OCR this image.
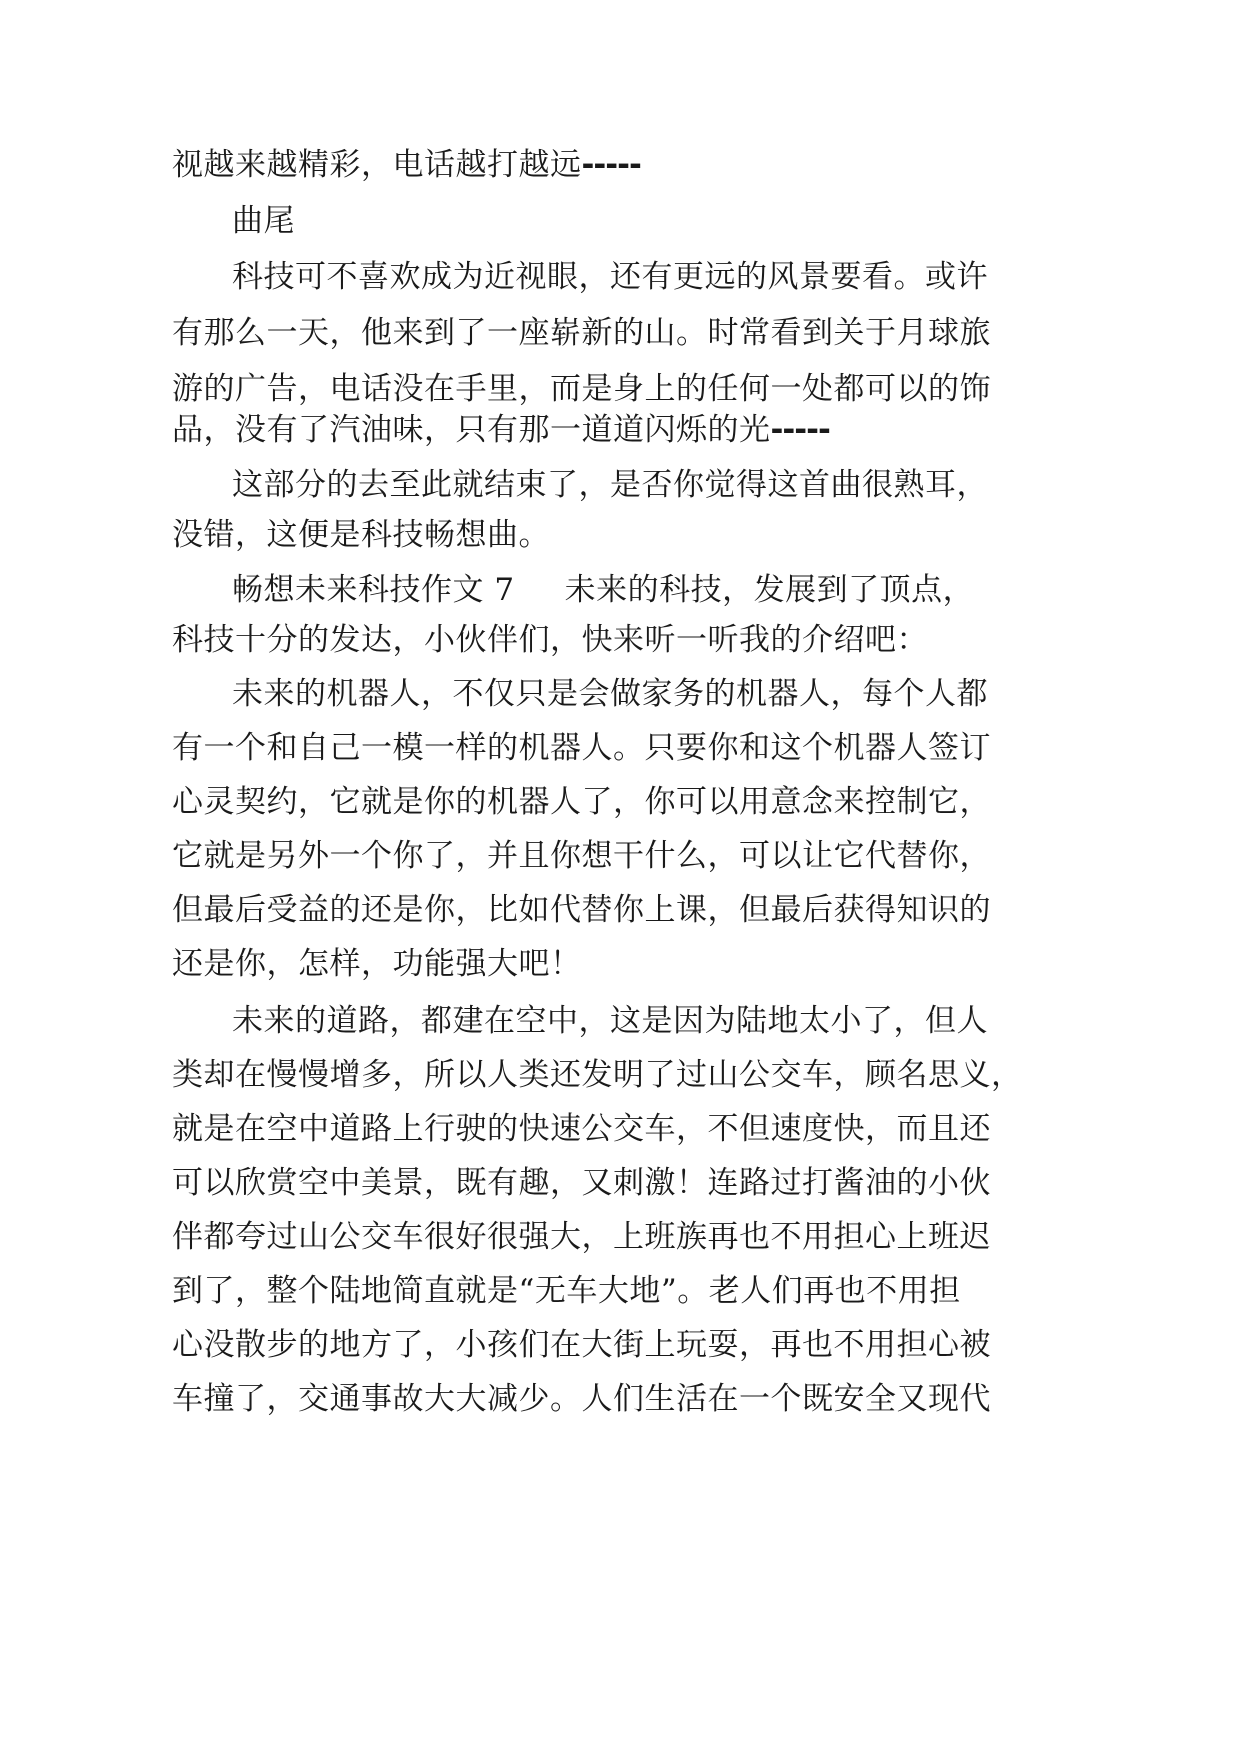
视越来越精彩，电话越打越远-----
曲尾
科技可不喜欢成为近视眼，还有更远的风景要看。或许
有那么一天，他来到了一座崭新的山。时常看到关于月球旅
游的广告，电话没在手里，而是身上的任何一处都可以的饰
品，没有了汽油味，只有那一道道闪烁的光-----
这部分的去至此就结束了，是否你觉得这首曲很熟耳，
没错，这便是科技畅想曲。
畅想未来科技作文 7 未来的科技，发展到了顶点，
科技十分的发达，小伙伴们，快来听一听我的介绍吧：
未来的机器人，不仅只是会做家务的机器人，每个人都
有一个和自己一模一样的机器人。只要你和这个机器人签订
心灵契约，它就是你的机器人了，你可以用意念来控制它，
它就是另外一个你了，并且你想干什么，可以让它代替你，
但最后受益的还是你，比如代替你上课，但最后获得知识的
还是你，怎样，功能强大吧！
未来的道路，都建在空中，这是因为陆地太小了，但人
类却在慢慢增多，所以人类还发明了过山公交车，顾名思义，
就是在空中道路上行驶的快速公交车，不但速度快，而且还
可以欣赏空中美景，既有趣，又刺激！连路过打酱油的小伙
伴都夸过山公交车很好很强大，上班族再也不用担心上班迟
到了，整个陆地简直就是“无车大地”。老人们再也不用担
心没散步的地方了，小孩们在大街上玩耍，再也不用担心被
车撞了，交通事故大大减少。人们生活在一个既安全又现代
